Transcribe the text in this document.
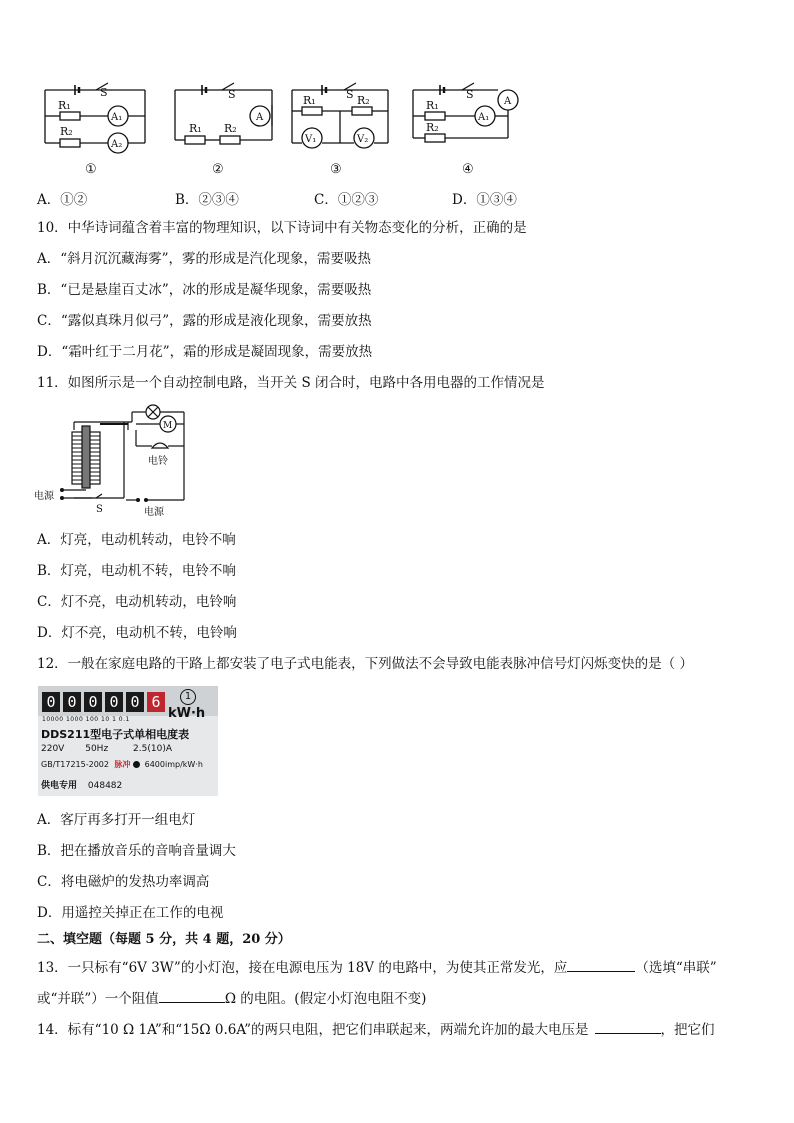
S
R₁
R₂
A₁
A₂
S
R₁ R₂
A
S
R₁	R₂
V₁	V₂
S
R₁
R₂
A₁
A
①	②	③	④
A．①②	B．②③④	C．①②③	D．①③④
10．中华诗词蕴含着丰富的物理知识，以下诗词中有关物态变化的分析，正确的是
A．“斜月沉沉藏海雾”，雾的形成是汽化现象，需要吸热
B．“已是悬崖百丈冰”，冰的形成是凝华现象，需要吸热
C．“露似真珠月似弓”，露的形成是液化现象，需要放热
D．“霜叶红于二月花”，霜的形成是凝固现象，需要放热
11．如图所示是一个自动控制电路，当开关 S 闭合时，电路中各用电器的工作情况是
M
电铃
电源
S	电源
A．灯亮，电动机转动，电铃不响
B．灯亮，电动机不转，电铃不响
C．灯不亮，电动机转动，电铃响
D．灯不亮，电动机不转，电铃响
12．一般在家庭电路的干路上都安装了电子式电能表，下列做法不会导致电能表脉冲信号灯闪烁变快的是（ ）
0 0 0 0 0 6	1
kW·h
10000 1000 100 10 1 0.1
DDS211型电子式单相电度表
220V 50Hz	2.5(10)A
GB/T17215-2002 脉冲 6400imp/kW·h
供电专用 048482
A．客厅再多打开一组电灯
B．把在播放音乐的音响音量调大
C．将电磁炉的发热功率调高
D．用遥控关掉正在工作的电视
二、填空题（每题 5 分，共 4 题，20 分）
13．一只标有“6V 3W”的小灯泡，接在电源电压为 18V 的电路中，为使其正常发光，应	（选填“串联”
或“并联”）一个阻值	Ω 的电阻。(假定小灯泡电阻不变)
14．标有“10 Ω 1A”和“15Ω 0.6A”的两只电阻，把它们串联起来，两端允许加的最大电压是	，把它们
